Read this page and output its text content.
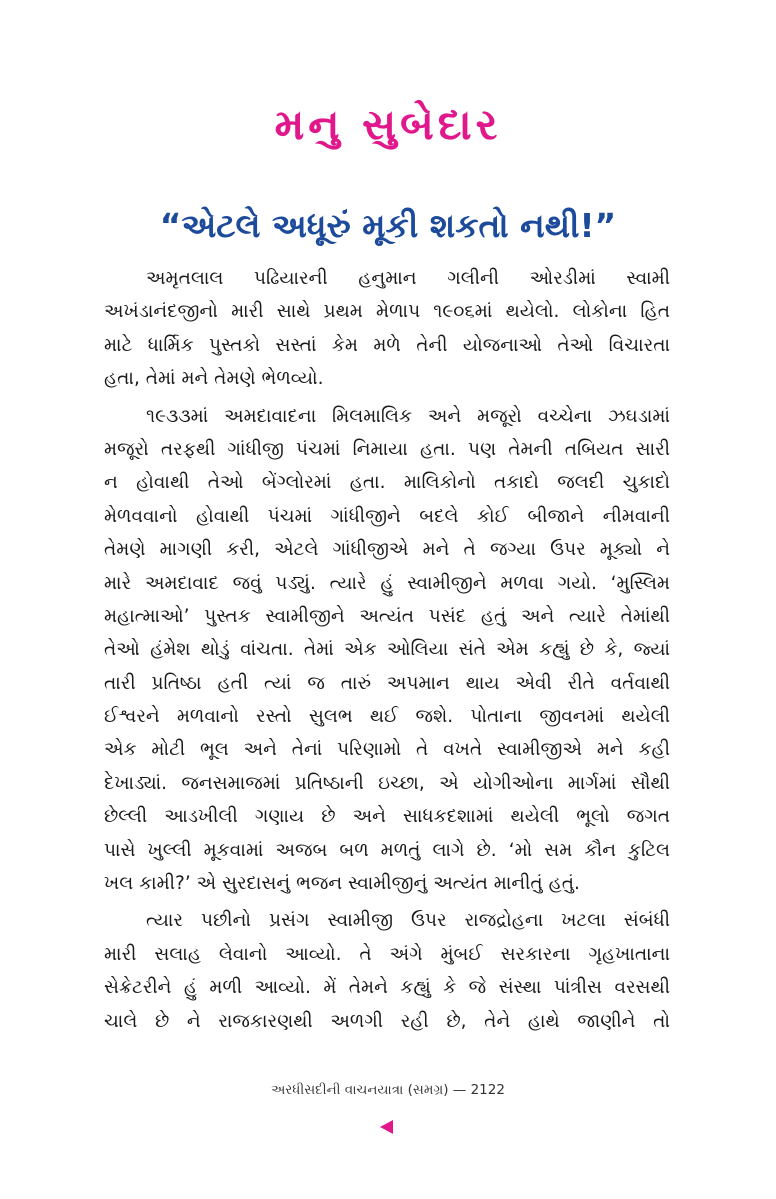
મનુ સુબેદાર
“એટલે અધૂરું મૂકી શકતો નથી!”
અમૃતલાલ પઢિયારની હનુમાન ગલીની ઓરડીમાં સ્વામી
અખંડાનંદજીનો મારી સાથે પ્રથમ મેળાપ ૧૯૦૬માં થયેલો. લોકોના હિત
માટે ધાર્મિક પુસ્તકો સસ્તાં કેમ મળે તેની યોજનાઓ તેઓ વિચારતા
હતા, તેમાં મને તેમણે ભેળવ્યો.
૧૯૩૩માં અમદાવાદના મિલમાલિક અને મજૂરો વચ્ચેના ઝઘડામાં
મજૂરો તરફથી ગાંધીજી પંચમાં નિમાયા હતા. પણ તેમની તબિયત સારી
ન હોવાથી તેઓ બેંગ્લોરમાં હતા. માલિકોનો તકાદો જલદી ચુકાદો
મેળવવાનો હોવાથી પંચમાં ગાંધીજીને બદલે કોઈ બીજાને નીમવાની
તેમણે માગણી કરી, એટલે ગાંધીજીએ મને તે જગ્યા ઉપર મૂક્યો ને
મારે અમદાવાદ જવું પડ્યું. ત્યારે હું સ્વામીજીને મળવા ગયો. ‘મુસ્લિમ
મહાત્માઓ’ પુસ્તક સ્વામીજીને અત્યંત પસંદ હતું અને ત્યારે તેમાંથી
તેઓ હંમેશ થોડું વાંચતા. તેમાં એક ઓલિયા સંતે એમ કહ્યું છે કે, જ્યાં
તારી પ્રતિષ્ઠા હતી ત્યાં જ તારું અપમાન થાય એવી રીતે વર્તવાથી
ઈશ્વરને મળવાનો રસ્તો સુલભ થઈ જશે. પોતાના જીવનમાં થયેલી
એક મોટી ભૂલ અને તેનાં પરિણામો તે વખતે સ્વામીજીએ મને કહી
દેખાડ્યાં. જનસમાજમાં પ્રતિષ્ઠાની ઇચ્છા, એ યોગીઓના માર્ગમાં સૌથી
છેલ્લી આડખીલી ગણાય છે અને સાધકદશામાં થયેલી ભૂલો જગત
પાસે ખુલ્લી મૂકવામાં અજબ બળ મળતું લાગે છે. ‘મો સમ કૌન કુટિલ
ખલ કામી?’ એ સુરદાસનું ભજન સ્વામીજીનું અત્યંત માનીતું હતું.
ત્યાર પછીનો પ્રસંગ સ્વામીજી ઉપર રાજદ્રોહના ખટલા સંબંધી
મારી સલાહ લેવાનો આવ્યો. તે અંગે મુંબઈ સરકારના ગૃહખાતાના
સેક્રેટરીને હું મળી આવ્યો. મેં તેમને કહ્યું કે જે સંસ્થા પાંત્રીસ વરસથી
ચાલે છે ને રાજકારણથી અળગી રહી છે, તેને હાથે જાણીને તો
અરધીસદીની વાચનયાત્રા (સમગ્ર) — 2122
